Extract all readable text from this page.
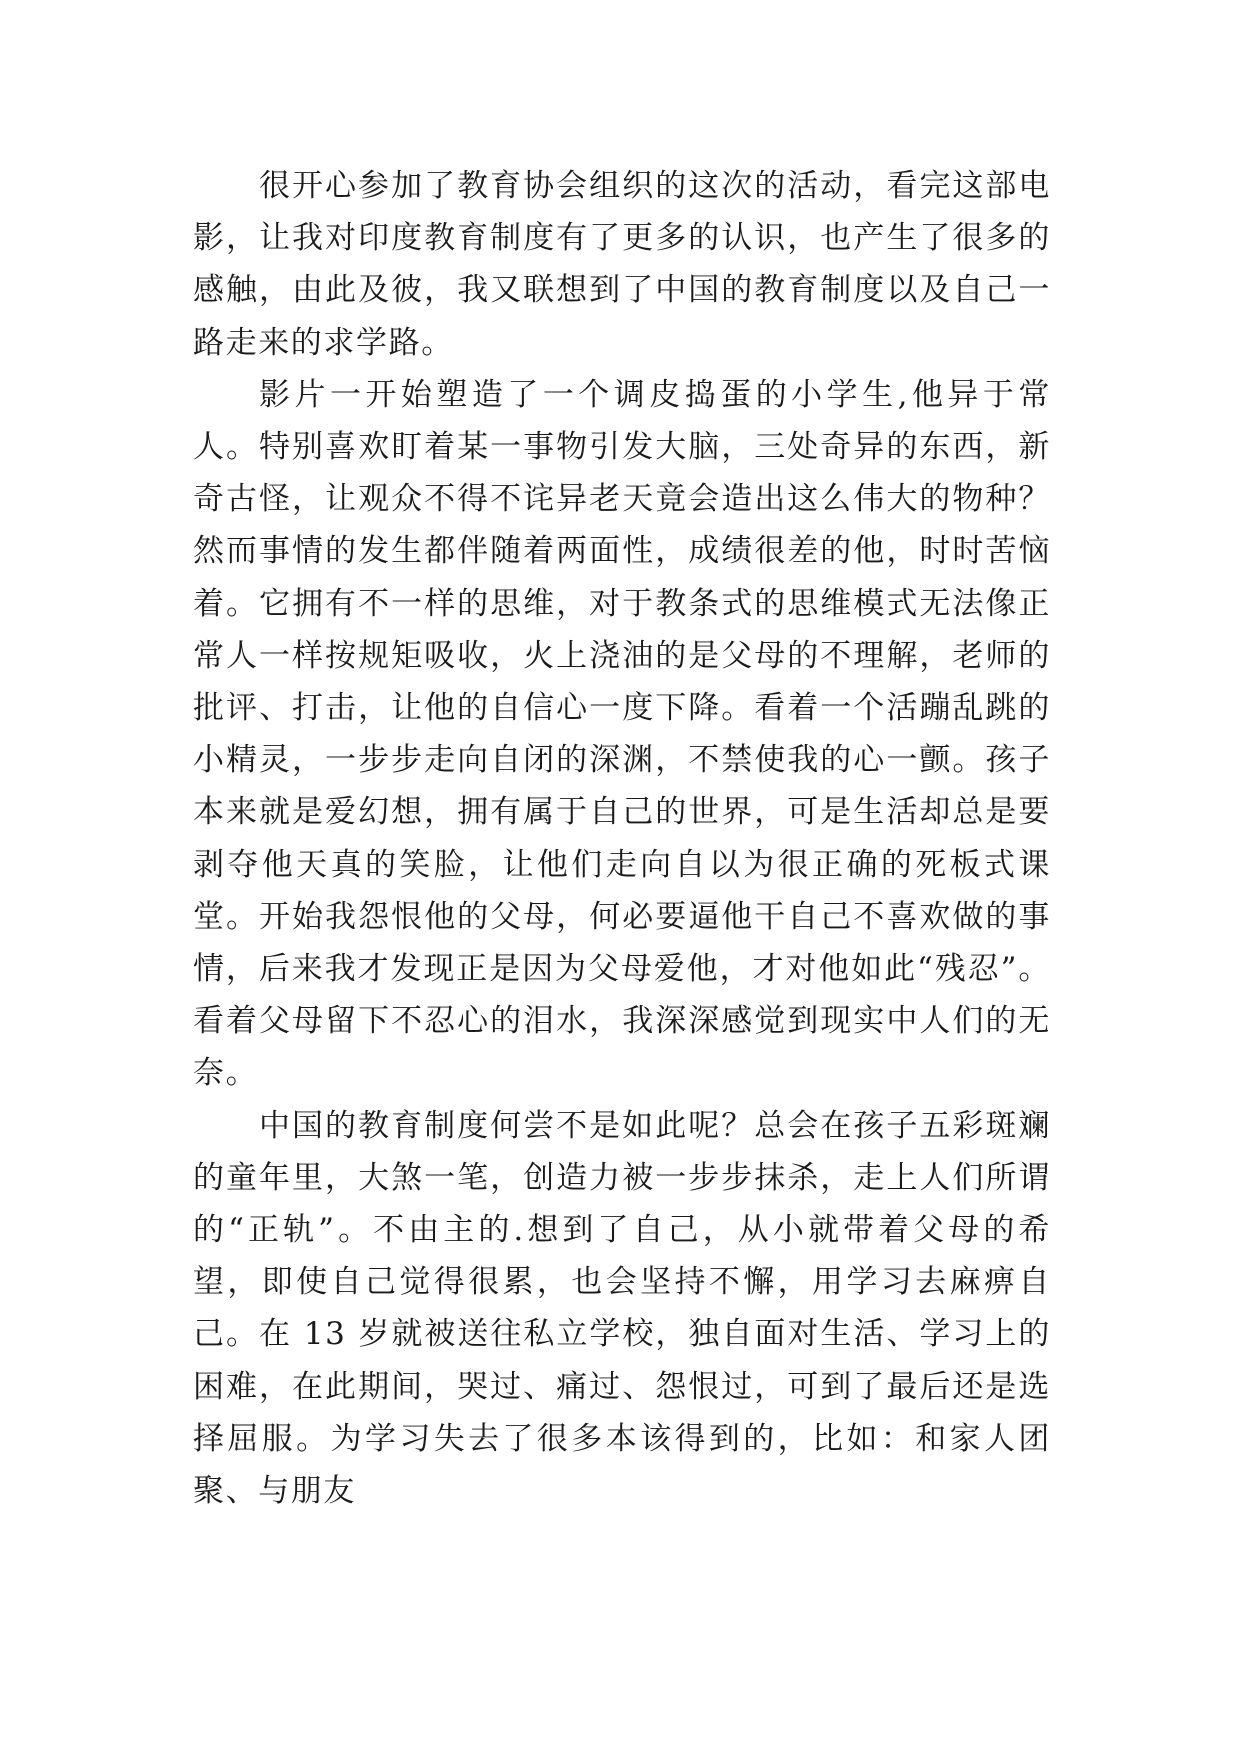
很开心参加了教育协会组织的这次的活动，看完这部电影，让我对印度教育制度有了更多的认识，也产生了很多的感触，由此及彼，我又联想到了中国的教育制度以及自己一路走来的求学路。

影片一开始塑造了一个调皮捣蛋的小学生,他异于常人。特别喜欢盯着某一事物引发大脑，三处奇异的东西，新奇古怪，让观众不得不诧异老天竟会造出这么伟大的物种？然而事情的发生都伴随着两面性，成绩很差的他，时时苦恼着。它拥有不一样的思维，对于教条式的思维模式无法像正常人一样按规矩吸收，火上浇油的是父母的不理解，老师的批评、打击，让他的自信心一度下降。看着一个活蹦乱跳的小精灵，一步步走向自闭的深渊，不禁使我的心一颤。孩子本来就是爱幻想，拥有属于自己的世界，可是生活却总是要剥夺他天真的笑脸，让他们走向自以为很正确的死板式课堂。开始我怨恨他的父母，何必要逼他干自己不喜欢做的事情，后来我才发现正是因为父母爱他，才对他如此“残忍”。看着父母留下不忍心的泪水，我深深感觉到现实中人们的无奈。

中国的教育制度何尝不是如此呢？总会在孩子五彩斑斓的童年里，大煞一笔，创造力被一步步抹杀，走上人们所谓的“正轨”。不由主的.想到了自己，从小就带着父母的希望，即使自己觉得很累，也会坚持不懈，用学习去麻痹自己。在 13 岁就被送往私立学校，独自面对生活、学习上的困难，在此期间，哭过、痛过、怨恨过，可到了最后还是选择屈服。为学习失去了很多本该得到的，比如：和家人团聚、与朋友
